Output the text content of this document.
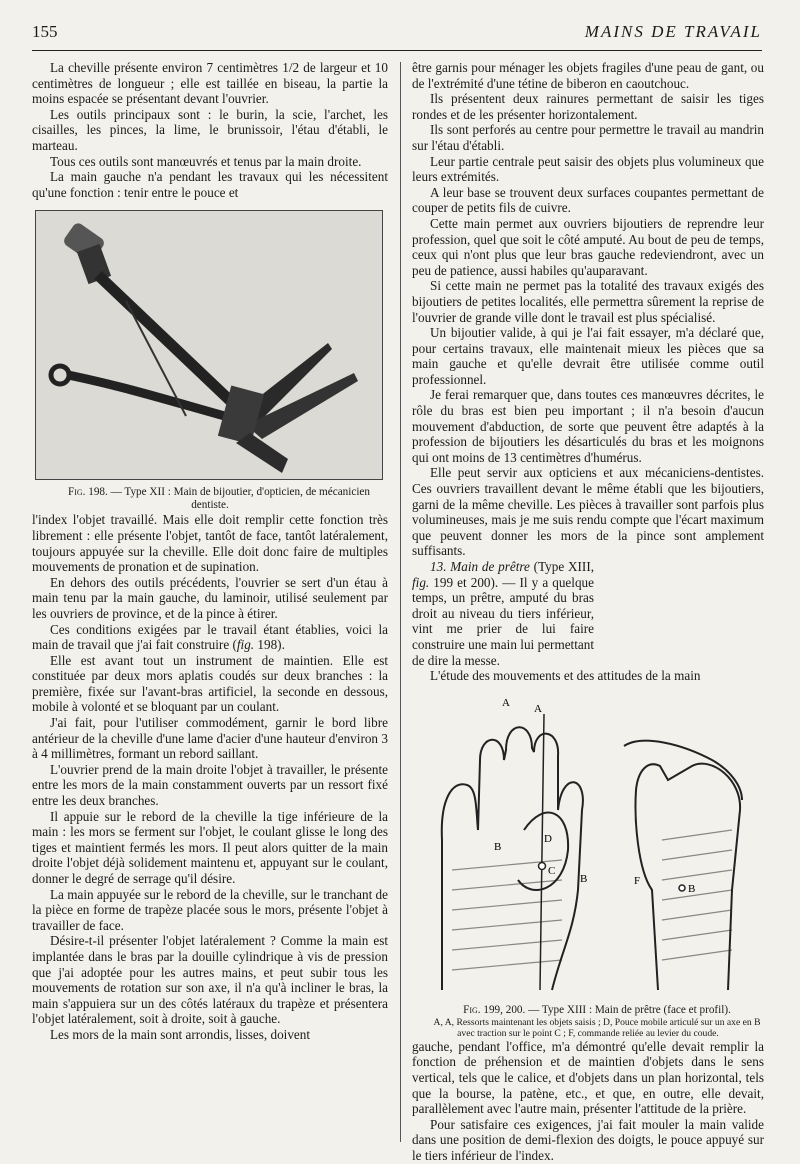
155	MAINS DE TRAVAIL

La cheville présente environ 7 centimètres 1/2 de largeur et 10 centimètres de longueur ; elle est taillée en biseau, la partie la moins espacée se présentant devant l'ouvrier.

Les outils principaux sont : le burin, la scie, l'archet, les cisailles, les pinces, la lime, le brunissoir, l'étau d'établi, le marteau.

Tous ces outils sont manœuvrés et tenus par la main droite.

La main gauche n'a pendant les travaux qui les nécessitent qu'une fonction : tenir entre le pouce et

Fig. 198. — Type XII : Main de bijoutier, d'opticien, de mécanicien dentiste.

l'index l'objet travaillé. Mais elle doit remplir cette fonction très librement : elle présente l'objet, tantôt de face, tantôt latéralement, toujours appuyée sur la cheville. Elle doit donc faire de multiples mouvements de pronation et de supination.

En dehors des outils précédents, l'ouvrier se sert d'un étau à main tenu par la main gauche, du laminoir, utilisé seulement par les ouvriers de province, et de la pince à étirer.

Ces conditions exigées par le travail étant établies, voici la main de travail que j'ai fait construire (fig. 198).

Elle est avant tout un instrument de maintien. Elle est constituée par deux mors aplatis coudés sur deux branches : la première, fixée sur l'avant-bras artificiel, la seconde en dessous, mobile à volonté et se bloquant par un coulant.

J'ai fait, pour l'utiliser commodément, garnir le bord libre antérieur de la cheville d'une lame d'acier d'une hauteur d'environ 3 à 4 millimètres, formant un rebord saillant.

L'ouvrier prend de la main droite l'objet à travailler, le présente entre les mors de la main constamment ouverts par un ressort fixé entre les deux branches.

Il appuie sur le rebord de la cheville la tige inférieure de la main : les mors se ferment sur l'objet, le coulant glisse le long des tiges et maintient fermés les mors. Il peut alors quitter de la main droite l'objet déjà solidement maintenu et, appuyant sur le coulant, donner le degré de serrage qu'il désire.

La main appuyée sur le rebord de la cheville, sur le tranchant de la pièce en forme de trapèze placée sous le mors, présente l'objet à travailler de face.

Désire-t-il présenter l'objet latéralement ? Comme la main est implantée dans le bras par la douille cylindrique à vis de pression que j'ai adoptée pour les autres mains, et peut subir tous les mouvements de rotation sur son axe, il n'a qu'à incliner le bras, la main s'appuiera sur un des côtés latéraux du trapèze et présentera l'objet latéralement, soit à droite, soit à gauche.

Les mors de la main sont arrondis, lisses, doivent

être garnis pour ménager les objets fragiles d'une peau de gant, ou de l'extrémité d'une tétine de biberon en caoutchouc.

Ils présentent deux rainures permettant de saisir les tiges rondes et de les présenter horizontalement.

Ils sont perforés au centre pour permettre le travail au mandrin sur l'étau d'établi.

Leur partie centrale peut saisir des objets plus volumineux que leurs extrémités.

A leur base se trouvent deux surfaces coupantes permettant de couper de petits fils de cuivre.

Cette main permet aux ouvriers bijoutiers de reprendre leur profession, quel que soit le côté amputé. Au bout de peu de temps, ceux qui n'ont plus que leur bras gauche redeviendront, avec un peu de patience, aussi habiles qu'auparavant.

Si cette main ne permet pas la totalité des travaux exigés des bijoutiers de petites localités, elle permettra sûrement la reprise de l'ouvrier de grande ville dont le travail est plus spécialisé.

Un bijoutier valide, à qui je l'ai fait essayer, m'a déclaré que, pour certains travaux, elle maintenait mieux les pièces que sa main gauche et qu'elle devrait être utilisée comme outil professionnel.

Je ferai remarquer que, dans toutes ces manœuvres décrites, le rôle du bras est bien peu important ; il n'a besoin d'aucun mouvement d'abduction, de sorte que peuvent être adaptés à la profession de bijoutiers les désarticulés du bras et les moignons qui ont moins de 13 centimètres d'humérus.

Elle peut servir aux opticiens et aux mécaniciens-dentistes. Ces ouvriers travaillent devant le même établi que les bijoutiers, garni de la même cheville. Les pièces à travailler sont parfois plus volumineuses, mais je me suis rendu compte que l'écart maximum que peuvent donner les mors de la pince sont amplement suffisants.

13. Main de prêtre (Type XIII, fig. 199 et 200). — Il y a quelque temps, un prêtre, amputé du bras droit au niveau du tiers inférieur, vint me prier de lui faire construire une main lui permettant de dire la messe.

L'étude des mouvements et des attitudes de la main

A A
B
D
C
B	F
B

Fig. 199, 200. — Type XIII : Main de prêtre (face et profil).

A, A, Ressorts maintenant les objets saisis ; D, Pouce mobile articulé sur un axe en B avec traction sur le point C ; F, commande reliée au levier du coude.

gauche, pendant l'office, m'a démontré qu'elle devait remplir la fonction de préhension et de maintien d'objets dans le sens vertical, tels que le calice, et d'objets dans un plan horizontal, tels que la bourse, la patène, etc., et que, en outre, elle devait, parallèlement avec l'autre main, présenter l'attitude de la prière.

Pour satisfaire ces exigences, j'ai fait mouler la main valide dans une position de demi-flexion des doigts, le pouce appuyé sur le tiers inférieur de l'index.
